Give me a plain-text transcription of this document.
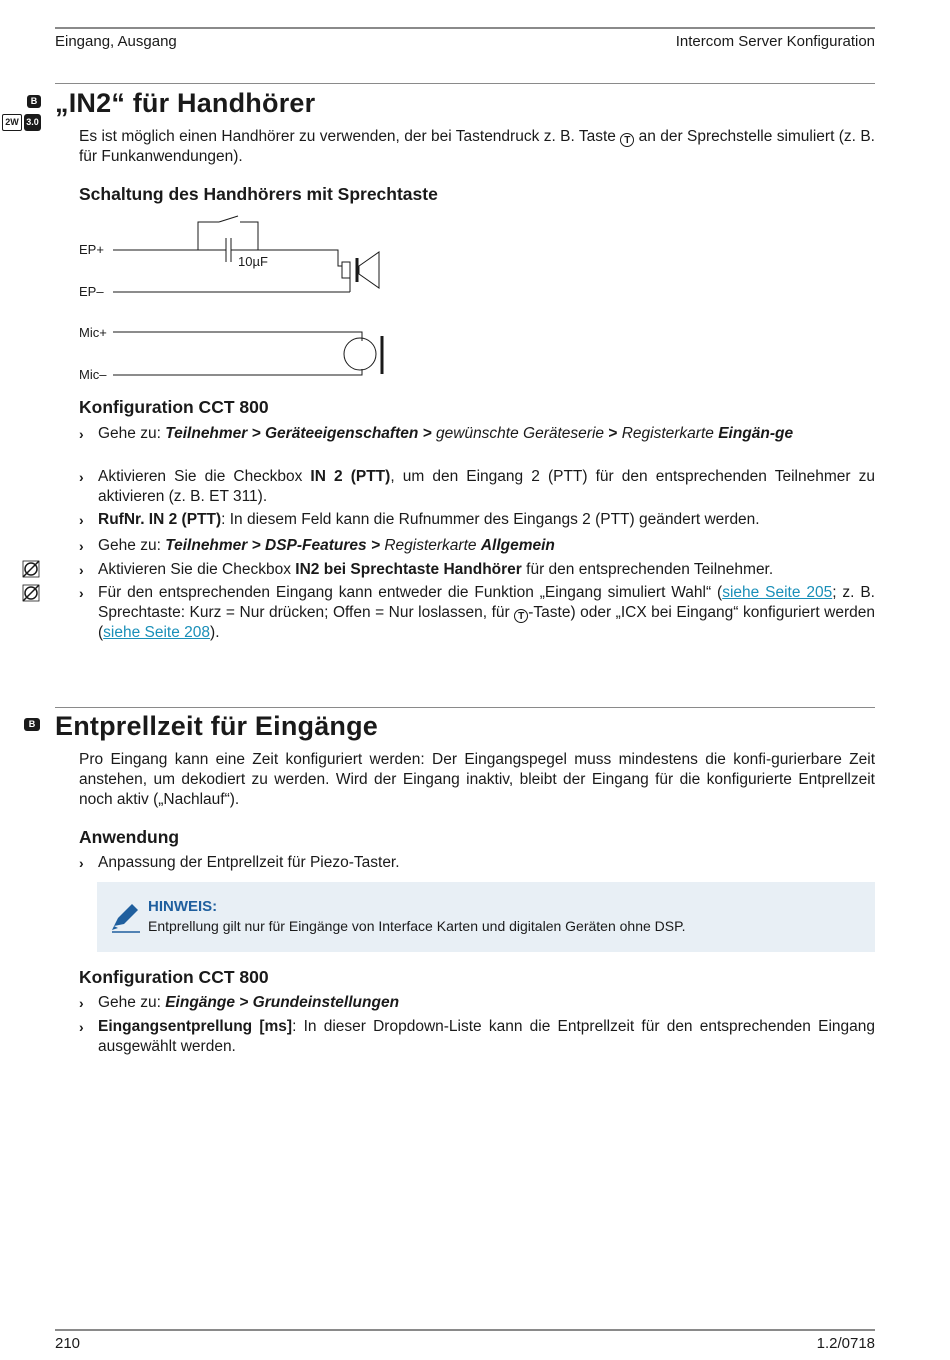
Eingang, Ausgang	Intercom Server Konfiguration
B
2W 3.0
„IN2“ für Handhörer
Es ist möglich einen Handhörer zu verwenden, der bei Tastendruck z. B. Taste T an der Sprechstelle simuliert (z. B. für Funkanwendungen).
Schaltung des Handhörers mit Sprechtaste
EP+
EP–
Mic+
Mic–
10µF
Konfiguration CCT 800
› Gehe zu: Teilnehmer > Geräteeigenschaften > gewünschte Geräteserie > Registerkarte Eingän-ge
› Aktivieren Sie die Checkbox IN 2 (PTT), um den Eingang 2 (PTT) für den entsprechenden Teilnehmer zu aktivieren (z. B. ET 311).
› RufNr. IN 2 (PTT): In diesem Feld kann die Rufnummer des Eingangs 2 (PTT) geändert werden.
› Gehe zu: Teilnehmer > DSP-Features > Registerkarte Allgemein
› Aktivieren Sie die Checkbox IN2 bei Sprechtaste Handhörer für den entsprechenden Teilnehmer.
› Für den entsprechenden Eingang kann entweder die Funktion „Eingang simuliert Wahl“ (siehe Seite 205; z. B. Sprechtaste: Kurz = Nur drücken; Offen = Nur loslassen, für T -Taste) oder „ICX bei Eingang“ konfiguriert werden (siehe Seite 208).
B Entprellzeit für Eingänge
Pro Eingang kann eine Zeit konfiguriert werden: Der Eingangspegel muss mindestens die konfi-gurierbare Zeit anstehen, um dekodiert zu werden. Wird der Eingang inaktiv, bleibt der Eingang für die konfigurierte Entprellzeit noch aktiv („Nachlauf“).
Anwendung
› Anpassung der Entprellzeit für Piezo-Taster.
HINWEIS:
Entprellung gilt nur für Eingänge von Interface Karten und digitalen Geräten ohne DSP.
Konfiguration CCT 800
› Gehe zu: Eingänge > Grundeinstellungen
› Eingangsentprellung [ms]: In dieser Dropdown-Liste kann die Entprellzeit für den entsprechenden Eingang ausgewählt werden.
210	1.2/0718
